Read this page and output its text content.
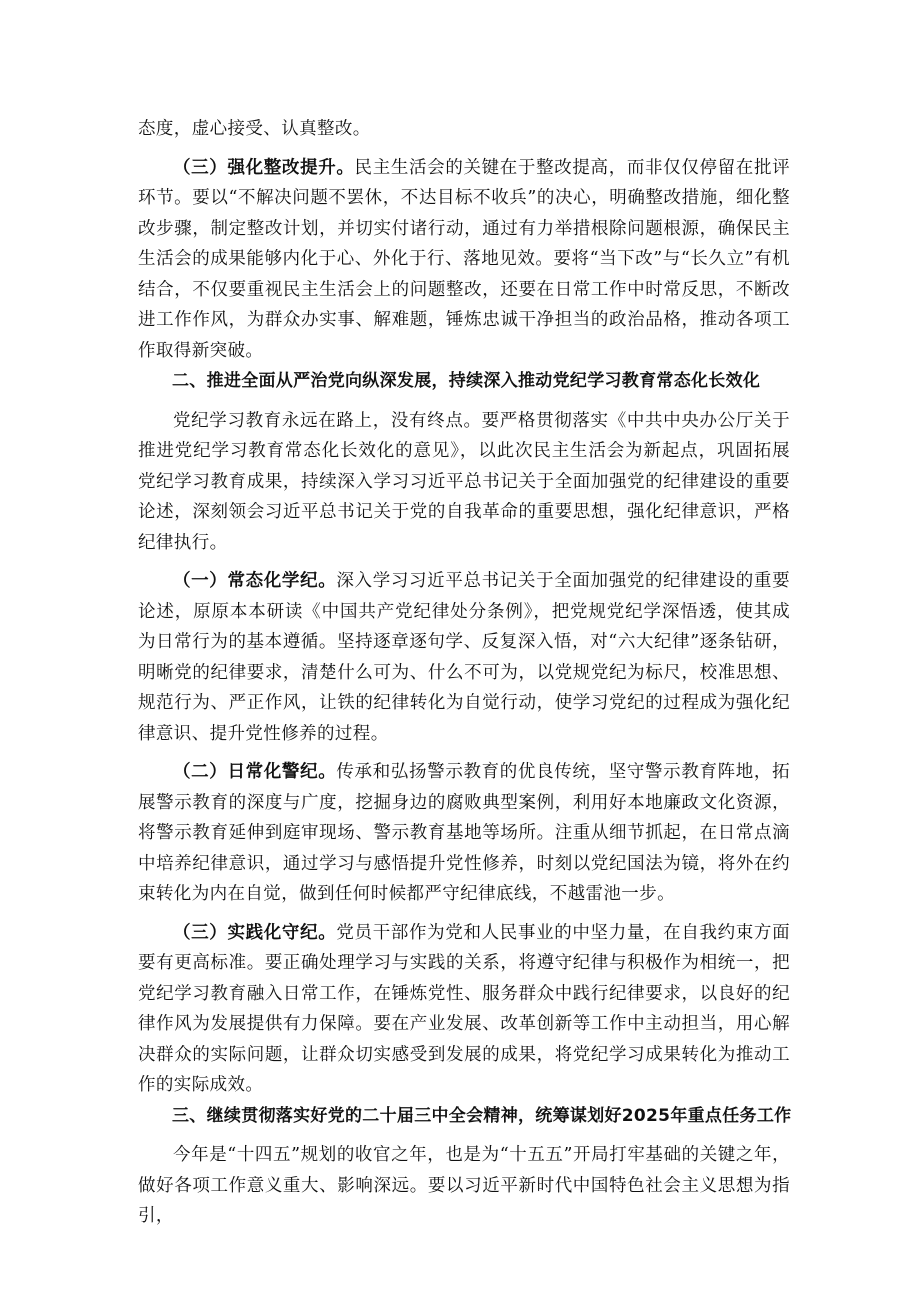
态度，虚心接受、认真整改。

（三）强化整改提升。民主生活会的关键在于整改提高，而非仅仅停留在批评环节。要以“不解决问题不罢休，不达目标不收兵”的决心，明确整改措施，细化整改步骤，制定整改计划，并切实付诸行动，通过有力举措根除问题根源，确保民主生活会的成果能够内化于心、外化于行、落地见效。要将“当下改”与“长久立”有机结合，不仅要重视民主生活会上的问题整改，还要在日常工作中时常反思，不断改进工作作风，为群众办实事、解难题，锤炼忠诚干净担当的政治品格，推动各项工作取得新突破。

二、推进全面从严治党向纵深发展，持续深入推动党纪学习教育常态化长效化

党纪学习教育永远在路上，没有终点。要严格贯彻落实《中共中央办公厅关于推进党纪学习教育常态化长效化的意见》，以此次民主生活会为新起点，巩固拓展党纪学习教育成果，持续深入学习习近平总书记关于全面加强党的纪律建设的重要论述，深刻领会习近平总书记关于党的自我革命的重要思想，强化纪律意识，严格纪律执行。

（一）常态化学纪。深入学习习近平总书记关于全面加强党的纪律建设的重要论述，原原本本研读《中国共产党纪律处分条例》，把党规党纪学深悟透，使其成为日常行为的基本遵循。坚持逐章逐句学、反复深入悟，对“六大纪律”逐条钻研，明晰党的纪律要求，清楚什么可为、什么不可为，以党规党纪为标尺，校准思想、规范行为、严正作风，让铁的纪律转化为自觉行动，使学习党纪的过程成为强化纪律意识、提升党性修养的过程。

（二）日常化警纪。传承和弘扬警示教育的优良传统，坚守警示教育阵地，拓展警示教育的深度与广度，挖掘身边的腐败典型案例，利用好本地廉政文化资源，将警示教育延伸到庭审现场、警示教育基地等场所。注重从细节抓起，在日常点滴中培养纪律意识，通过学习与感悟提升党性修养，时刻以党纪国法为镜，将外在约束转化为内在自觉，做到任何时候都严守纪律底线，不越雷池一步。

（三）实践化守纪。党员干部作为党和人民事业的中坚力量，在自我约束方面要有更高标准。要正确处理学习与实践的关系，将遵守纪律与积极作为相统一，把党纪学习教育融入日常工作，在锤炼党性、服务群众中践行纪律要求，以良好的纪律作风为发展提供有力保障。要在产业发展、改革创新等工作中主动担当，用心解决群众的实际问题，让群众切实感受到发展的成果，将党纪学习成果转化为推动工作的实际成效。

三、继续贯彻落实好党的二十届三中全会精神，统筹谋划好2025年重点任务工作

今年是“十四五”规划的收官之年，也是为“十五五”开局打牢基础的关键之年，做好各项工作意义重大、影响深远。要以习近平新时代中国特色社会主义思想为指引，
